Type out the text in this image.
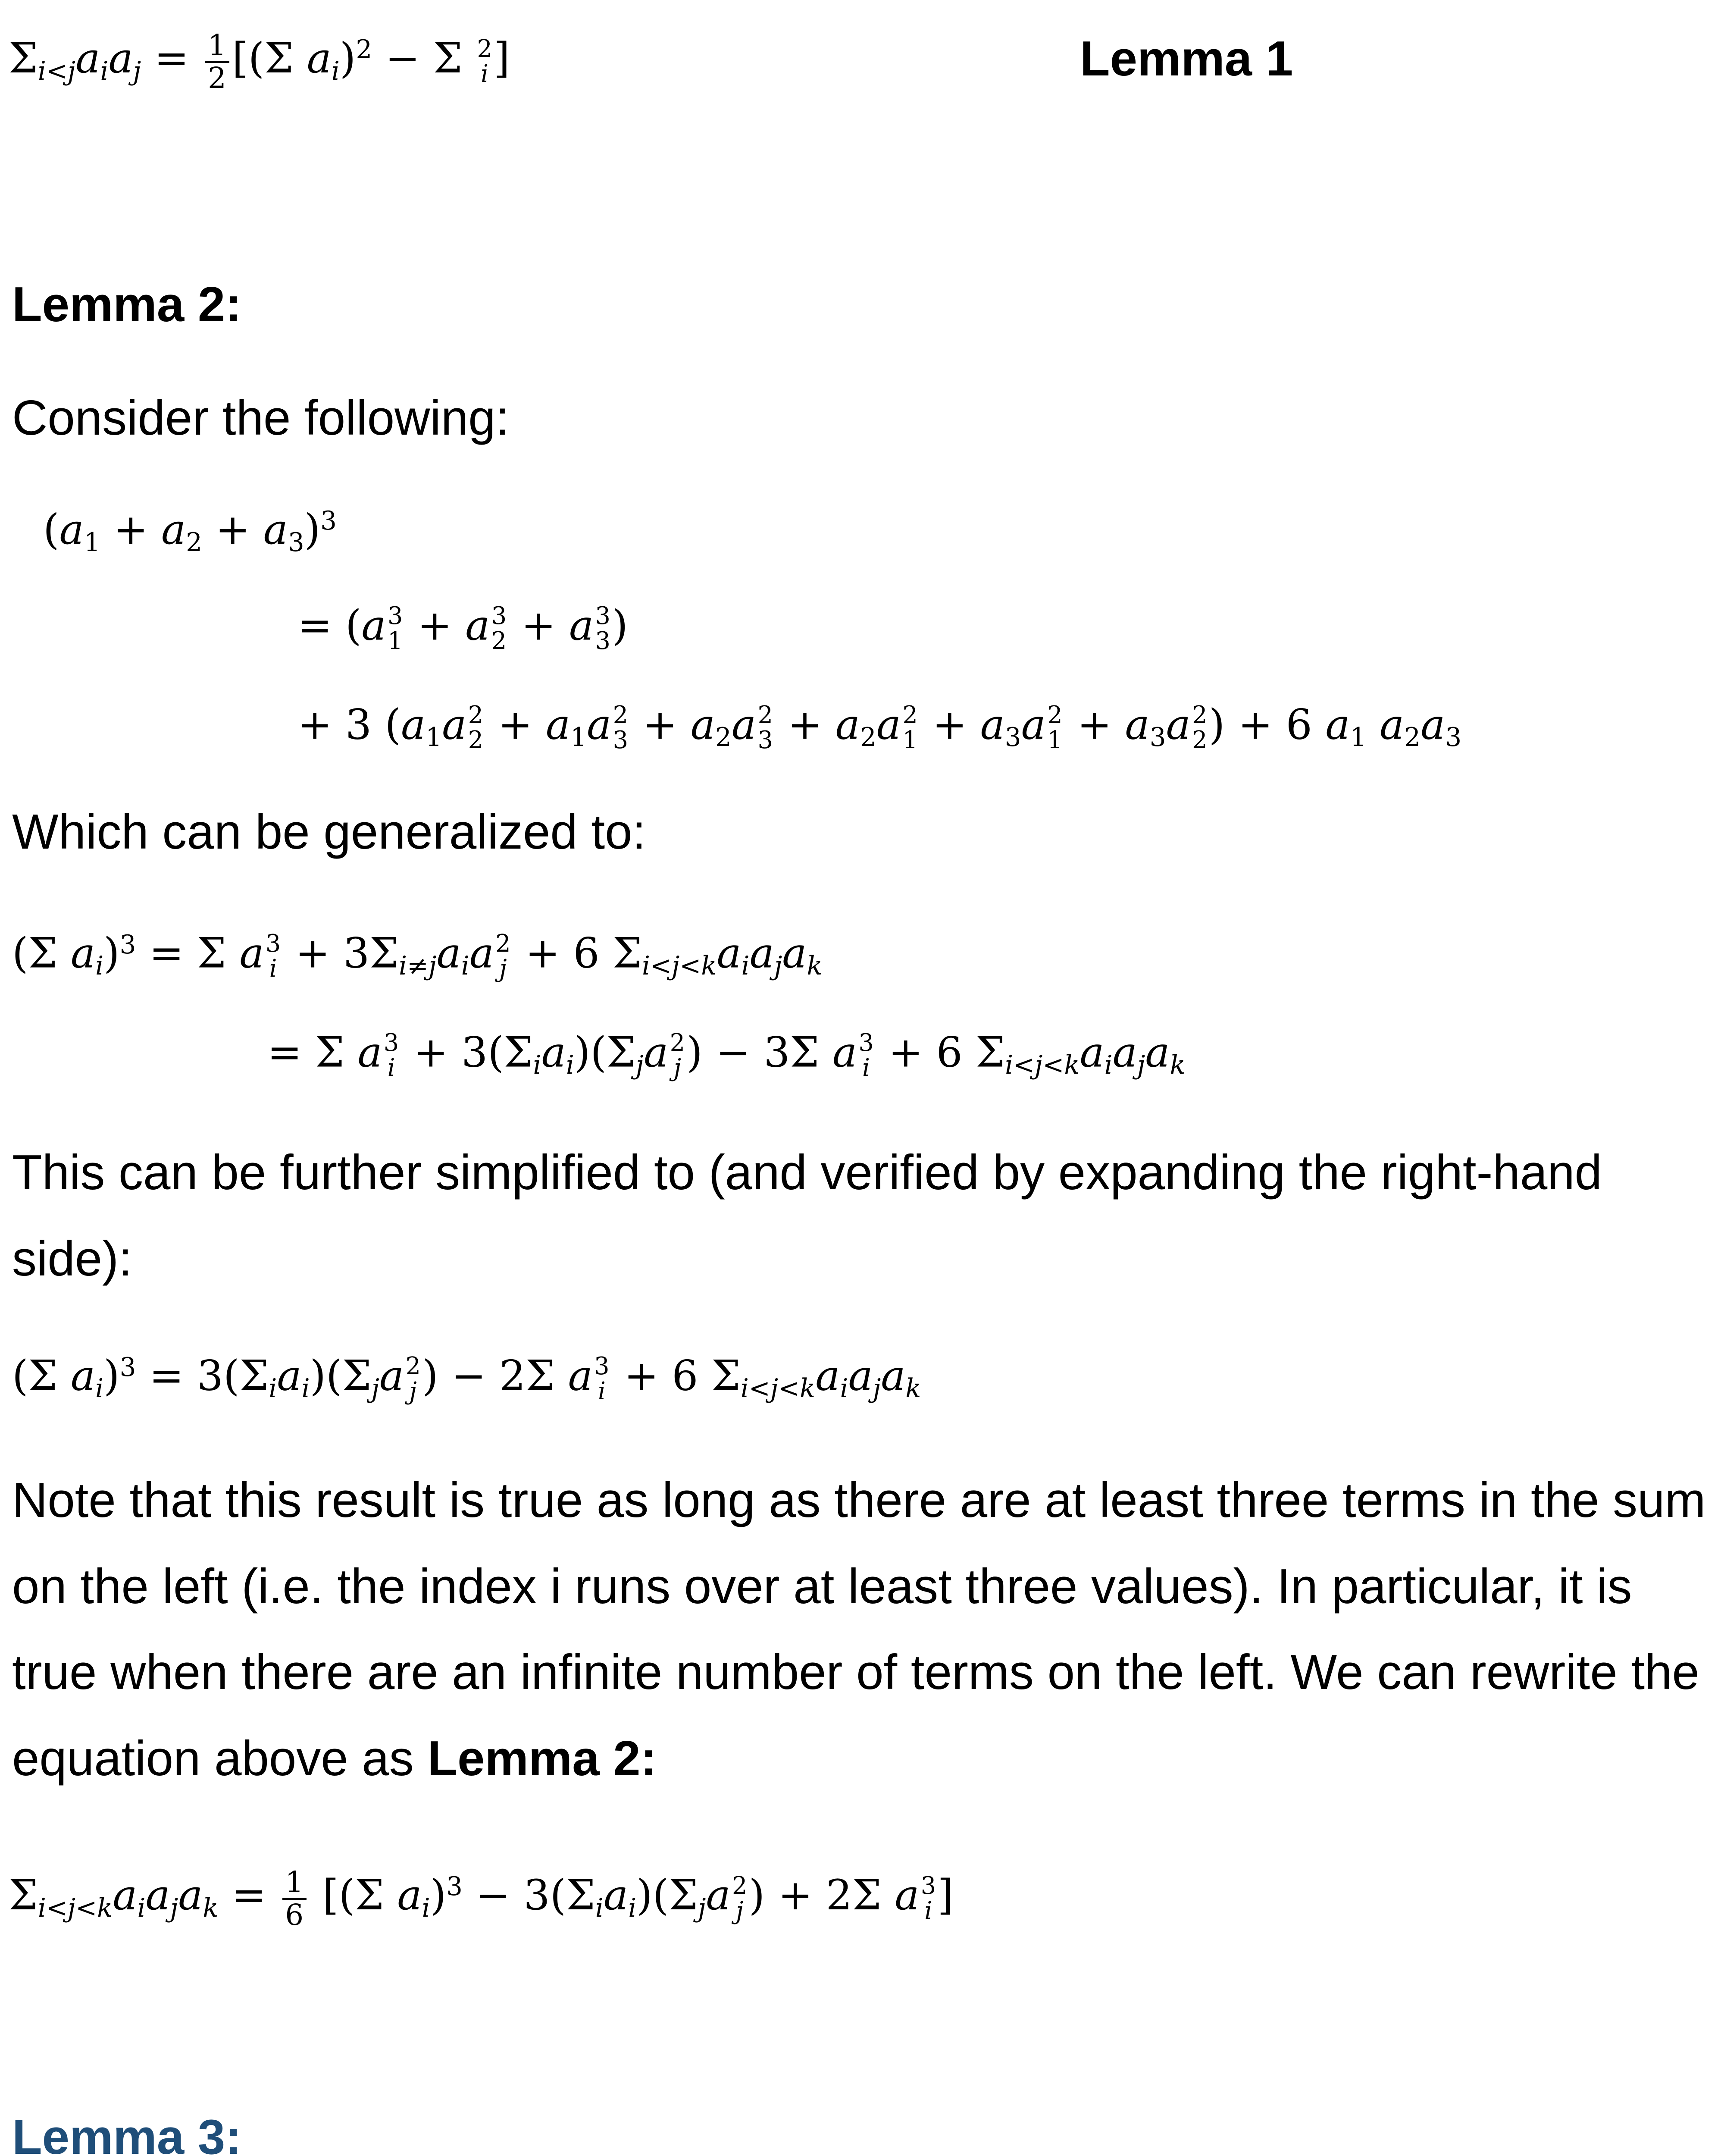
$\Sigma_{i<j}a_ia_j = \frac{1}{2} [(\Sigma$ $a_i)^2 - \Sigma$ 2
i ]	Lemma 1
Lemma 2:
Consider the following:
$(a_1 + a_2 + a_3)^3$
= (a 3
1 + a 3
2 + a 3
3 )
+ 3 ($a_1a$ 2
$2 + a_1a$ 2
$3 + a_2a$ 2
$3 + a_2a$ 2
$1 + a_3a$ 2
$1 + a_3a$ 2
2 ) + 6 $a_1$ $a_2a_3$
Which can be generalized to:
(Σ $a_i)^3 = \Sigma$ a 3
$i + 3\Sigma_{i\ne j}a_ia$ 2
j + 6 $\Sigma_{i<j<k}a_ia_ja_k$
= Σ a 3
$i + 3(\Sigma_ia_i)(\Sigma_ja$ 2
j ) − 3Σ a 3
i + 6 $\Sigma_{i<j<k}a_ia_ja_k$
This can be further simplified to (and verified by expanding the right-hand side):
(Σ $a_i)^3 = 3(\Sigma_ia_i)(\Sigma_ja$ 2
j ) − 2Σ a 3
i + 6 $\Sigma_{i<j<k}a_ia_ja_k$
Note that this result is true as long as there are at least three terms in the sum on the left (i.e. the index i runs over at least three values). In particular, it is true when there are an infinite number of terms on the left. We can rewrite the equation above as Lemma 2:
$\Sigma_{i<j<k}a_ia_ja_k = \frac{1}{6} [(\Sigma$ $a_i)^3 - 3(\Sigma_ia_i)(\Sigma_ja$ 2
j ) + 2Σ a 3
i ]
Lemma 3:
